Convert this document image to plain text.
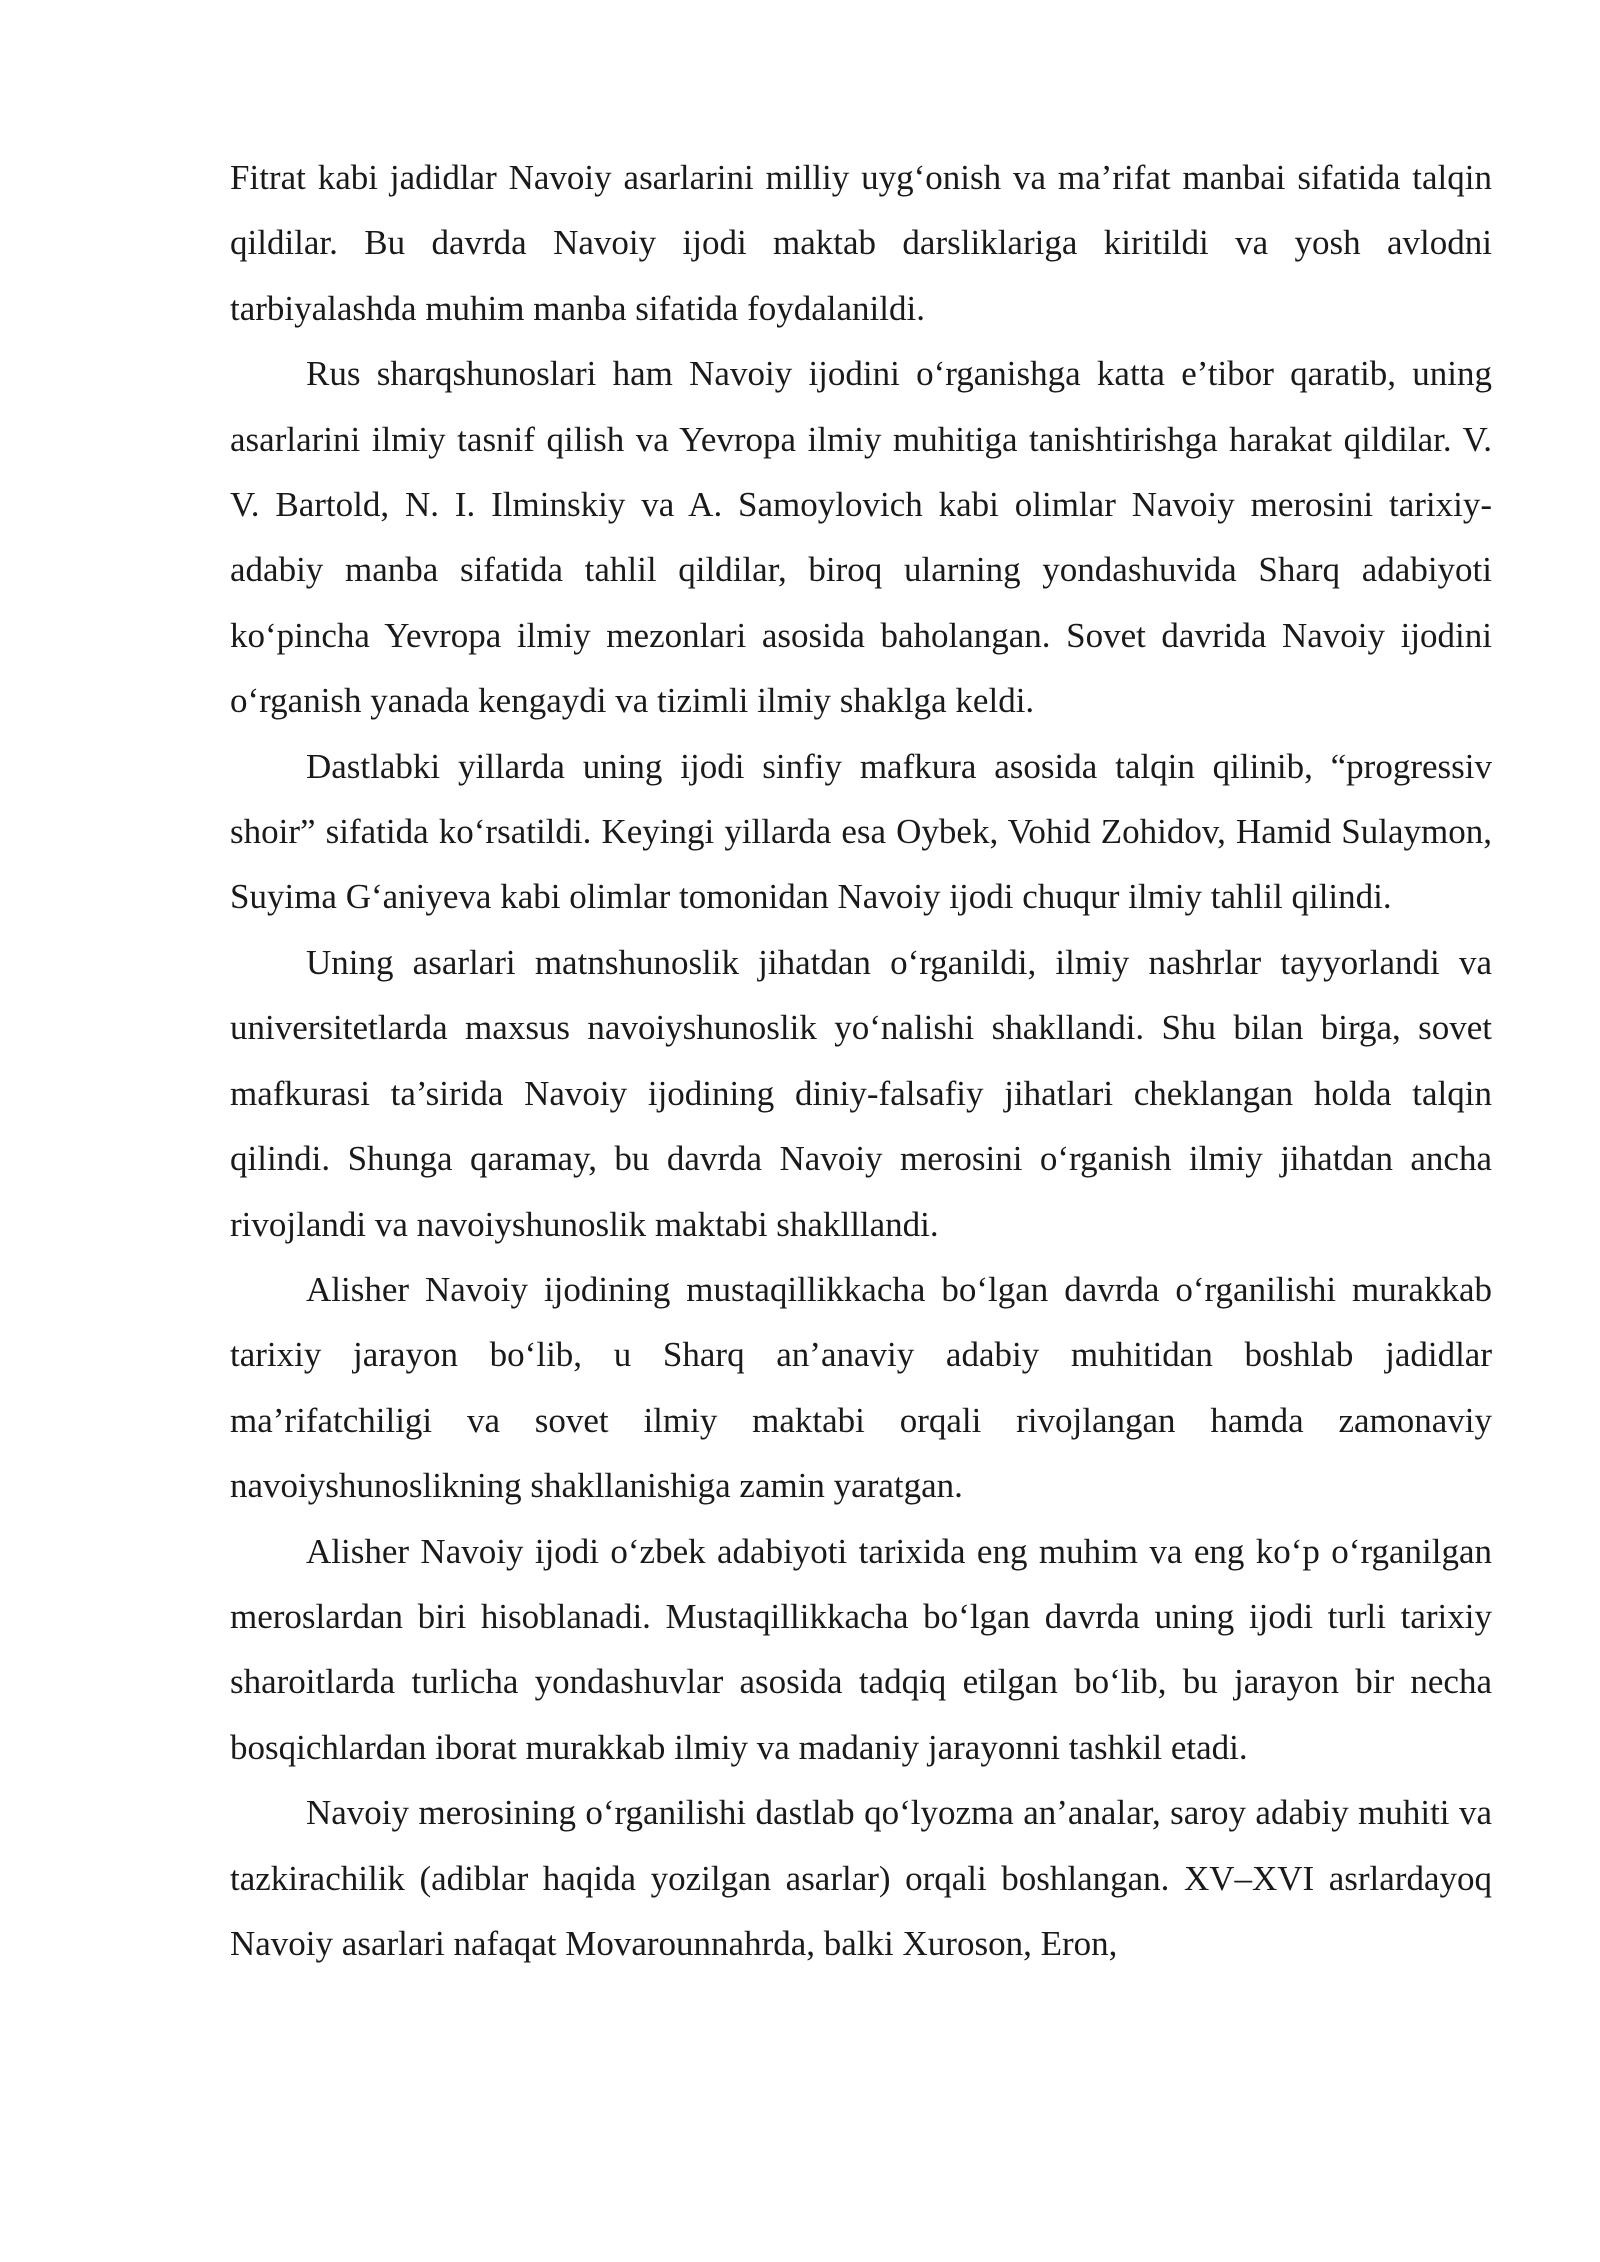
Fitrat kabi jadidlar Navoiy asarlarini milliy uyg‘onish va ma’rifat manbai sifatida talqin qildilar. Bu davrda Navoiy ijodi maktab darsliklariga kiritildi va yosh avlodni tarbiyalashda muhim manba sifatida foydalanildi.

Rus sharqshunoslari ham Navoiy ijodini o‘rganishga katta e’tibor qaratib, uning asarlarini ilmiy tasnif qilish va Yevropa ilmiy muhitiga tanishtirishga harakat qildilar. V. V. Bartold, N. I. Ilminskiy va A. Samoylovich kabi olimlar Navoiy merosini tarixiy-adabiy manba sifatida tahlil qildilar, biroq ularning yondashuvida Sharq adabiyoti ko‘pincha Yevropa ilmiy mezonlari asosida baholangan. Sovet davrida Navoiy ijodini o‘rganish yanada kengaydi va tizimli ilmiy shaklga keldi.

Dastlabki yillarda uning ijodi sinfiy mafkura asosida talqin qilinib, “progressiv shoir” sifatida ko‘rsatildi. Keyingi yillarda esa Oybek, Vohid Zohidov, Hamid Sulaymon, Suyima G‘aniyeva kabi olimlar tomonidan Navoiy ijodi chuqur ilmiy tahlil qilindi.

Uning asarlari matnshunoslik jihatdan o‘rganildi, ilmiy nashrlar tayyorlandi va universitetlarda maxsus navoiyshunoslik yo‘nalishi shakllandi. Shu bilan birga, sovet mafkurasi ta’sirida Navoiy ijodining diniy-falsafiy jihatlari cheklangan holda talqin qilindi. Shunga qaramay, bu davrda Navoiy merosini o‘rganish ilmiy jihatdan ancha rivojlandi va navoiyshunoslik maktabi shaklllandi.

Alisher Navoiy ijodining mustaqillikkacha bo‘lgan davrda o‘rganilishi murakkab tarixiy jarayon bo‘lib, u Sharq an’anaviy adabiy muhitidan boshlab jadidlar ma’rifatchiligi va sovet ilmiy maktabi orqali rivojlangan hamda zamonaviy navoiyshunoslikning shakllanishiga zamin yaratgan.

Alisher Navoiy ijodi o‘zbek adabiyoti tarixida eng muhim va eng ko‘p o‘rganilgan meroslardan biri hisoblanadi. Mustaqillikkacha bo‘lgan davrda uning ijodi turli tarixiy sharoitlarda turlicha yondashuvlar asosida tadqiq etilgan bo‘lib, bu jarayon bir necha bosqichlardan iborat murakkab ilmiy va madaniy jarayonni tashkil etadi.

Navoiy merosining o‘rganilishi dastlab qo‘lyozma an’analar, saroy adabiy muhiti va tazkirachilik (adiblar haqida yozilgan asarlar) orqali boshlangan. XV–XVI asrlardayoq Navoiy asarlari nafaqat Movarounnahrda, balki Xuroson, Eron,
